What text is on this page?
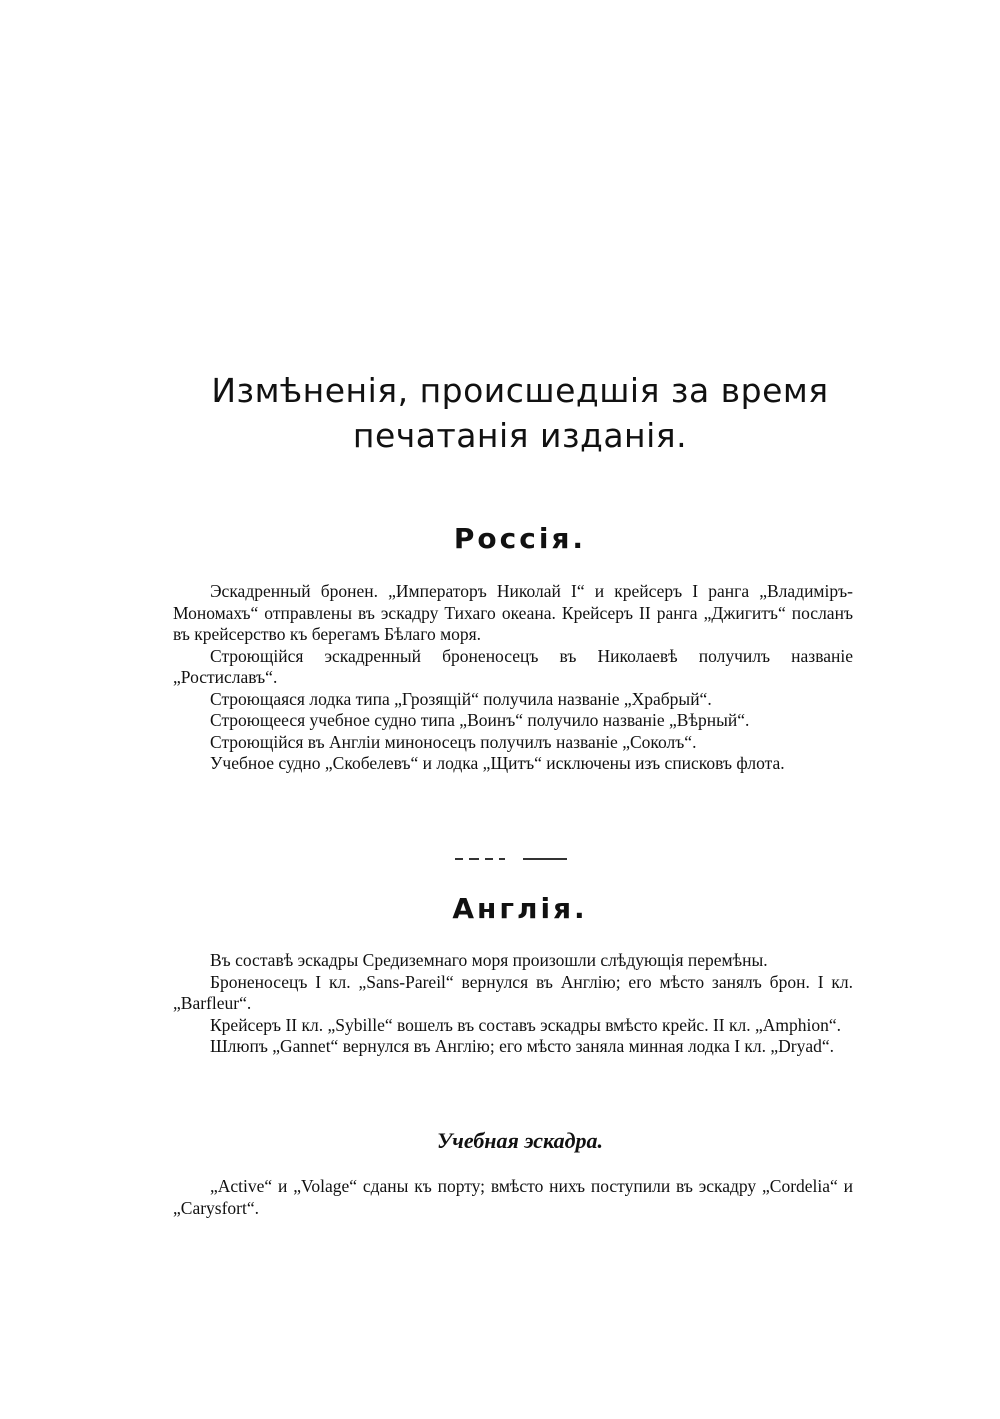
Измѣненія, происшедшія за время
печатанія изданія.
Россія.

Эскадренный бронен. „Императоръ Николай I“ и крейсеръ I ранга „Владиміръ-Мономахъ“ отправлены въ эскадру Тихаго океана. Крейсеръ II ранга „Джигитъ“ посланъ въ крейсерство къ берегамъ Бѣлаго моря.

Строющійся эскадренный броненосецъ въ Николаевѣ получилъ названіе „Ростиславъ“.

Строющаяся лодка типа „Грозящій“ получила названіе „Храбрый“.

Строющееся учебное судно типа „Воинъ“ получило названіе „Вѣрный“.

Строющійся въ Англіи миноносецъ получилъ названіе „Соколъ“.

Учебное судно „Скобелевъ“ и лодка „Щитъ“ исключены изъ списковъ флота.

Англія.

Въ составѣ эскадры Средиземнаго моря произошли слѣдующія перемѣны.

Броненосецъ I кл. „Sans-Pareil“ вернулся въ Англію; его мѣсто занялъ брон. I кл. „Barfleur“.

Крейсеръ II кл. „Sybille“ вошелъ въ составъ эскадры вмѣсто крейс. II кл. „Amphion“.

Шлюпъ „Gannet“ вернулся въ Англію; его мѣсто заняла минная лодка I кл. „Dryad“.

Учебная эскадра.

„Active“ и „Volage“ сданы къ порту; вмѣсто нихъ поступили въ эскадру „Cordelia“ и „Carysfort“.
